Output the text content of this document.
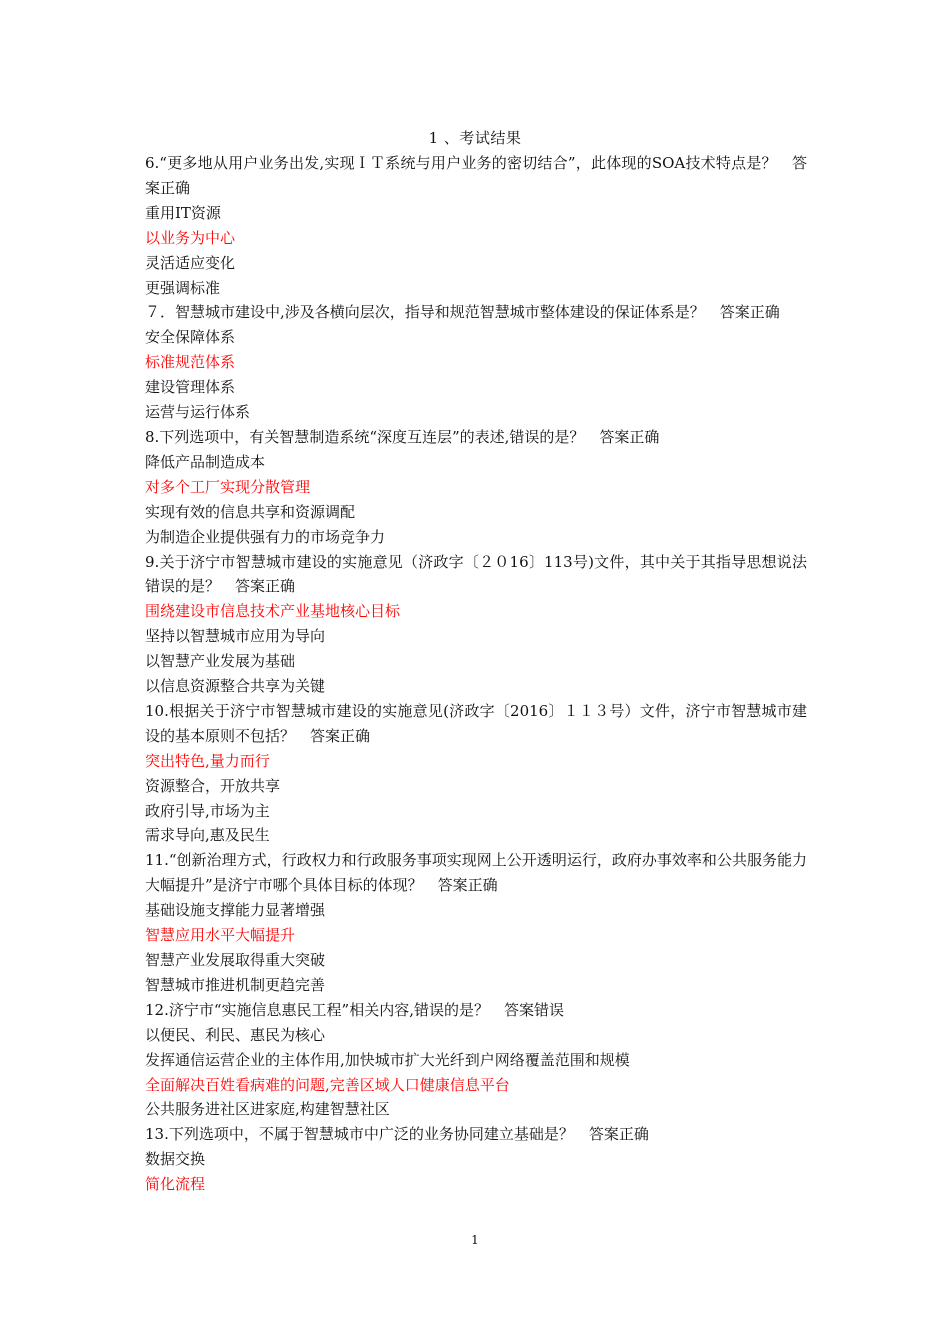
1 、考试结果

6.“更多地从用户业务出发,实现ＩＴ系统与用户业务的密切结合”，此体现的SOA技术特点是？　答案正确

重用IT资源

以业务为中心

灵活适应变化

更强调标准

７．智慧城市建设中,涉及各横向层次，指导和规范智慧城市整体建设的保证体系是？　答案正确

安全保障体系

标准规范体系

建设管理体系

运营与运行体系

8.下列选项中，有关智慧制造系统“深度互连层”的表述,错误的是？　答案正确

降低产品制造成本

对多个工厂实现分散管理

实现有效的信息共享和资源调配

为制造企业提供强有力的市场竞争力

9.关于济宁市智慧城市建设的实施意见（济政字〔２０16〕113号)文件，其中关于其指导思想说法错误的是？　答案正确

围绕建设市信息技术产业基地核心目标

坚持以智慧城市应用为导向

以智慧产业发展为基础

以信息资源整合共享为关键

10.根据关于济宁市智慧城市建设的实施意见(济政字〔2016〕１１３号）文件，济宁市智慧城市建设的基本原则不包括？　答案正确

突出特色,量力而行

资源整合，开放共享

政府引导,市场为主

需求导向,惠及民生

11.“创新治理方式，行政权力和行政服务事项实现网上公开透明运行，政府办事效率和公共服务能力大幅提升”是济宁市哪个具体目标的体现？　答案正确

基础设施支撑能力显著增强

智慧应用水平大幅提升

智慧产业发展取得重大突破

智慧城市推进机制更趋完善

12.济宁市“实施信息惠民工程”相关内容,错误的是？　答案错误

以便民、利民、惠民为核心

发挥通信运营企业的主体作用,加快城市扩大光纤到户网络覆盖范围和规模

全面解决百姓看病难的问题,完善区域人口健康信息平台

公共服务进社区进家庭,构建智慧社区

13.下列选项中，不属于智慧城市中广泛的业务协同建立基础是？　答案正确

数据交换

简化流程

1
